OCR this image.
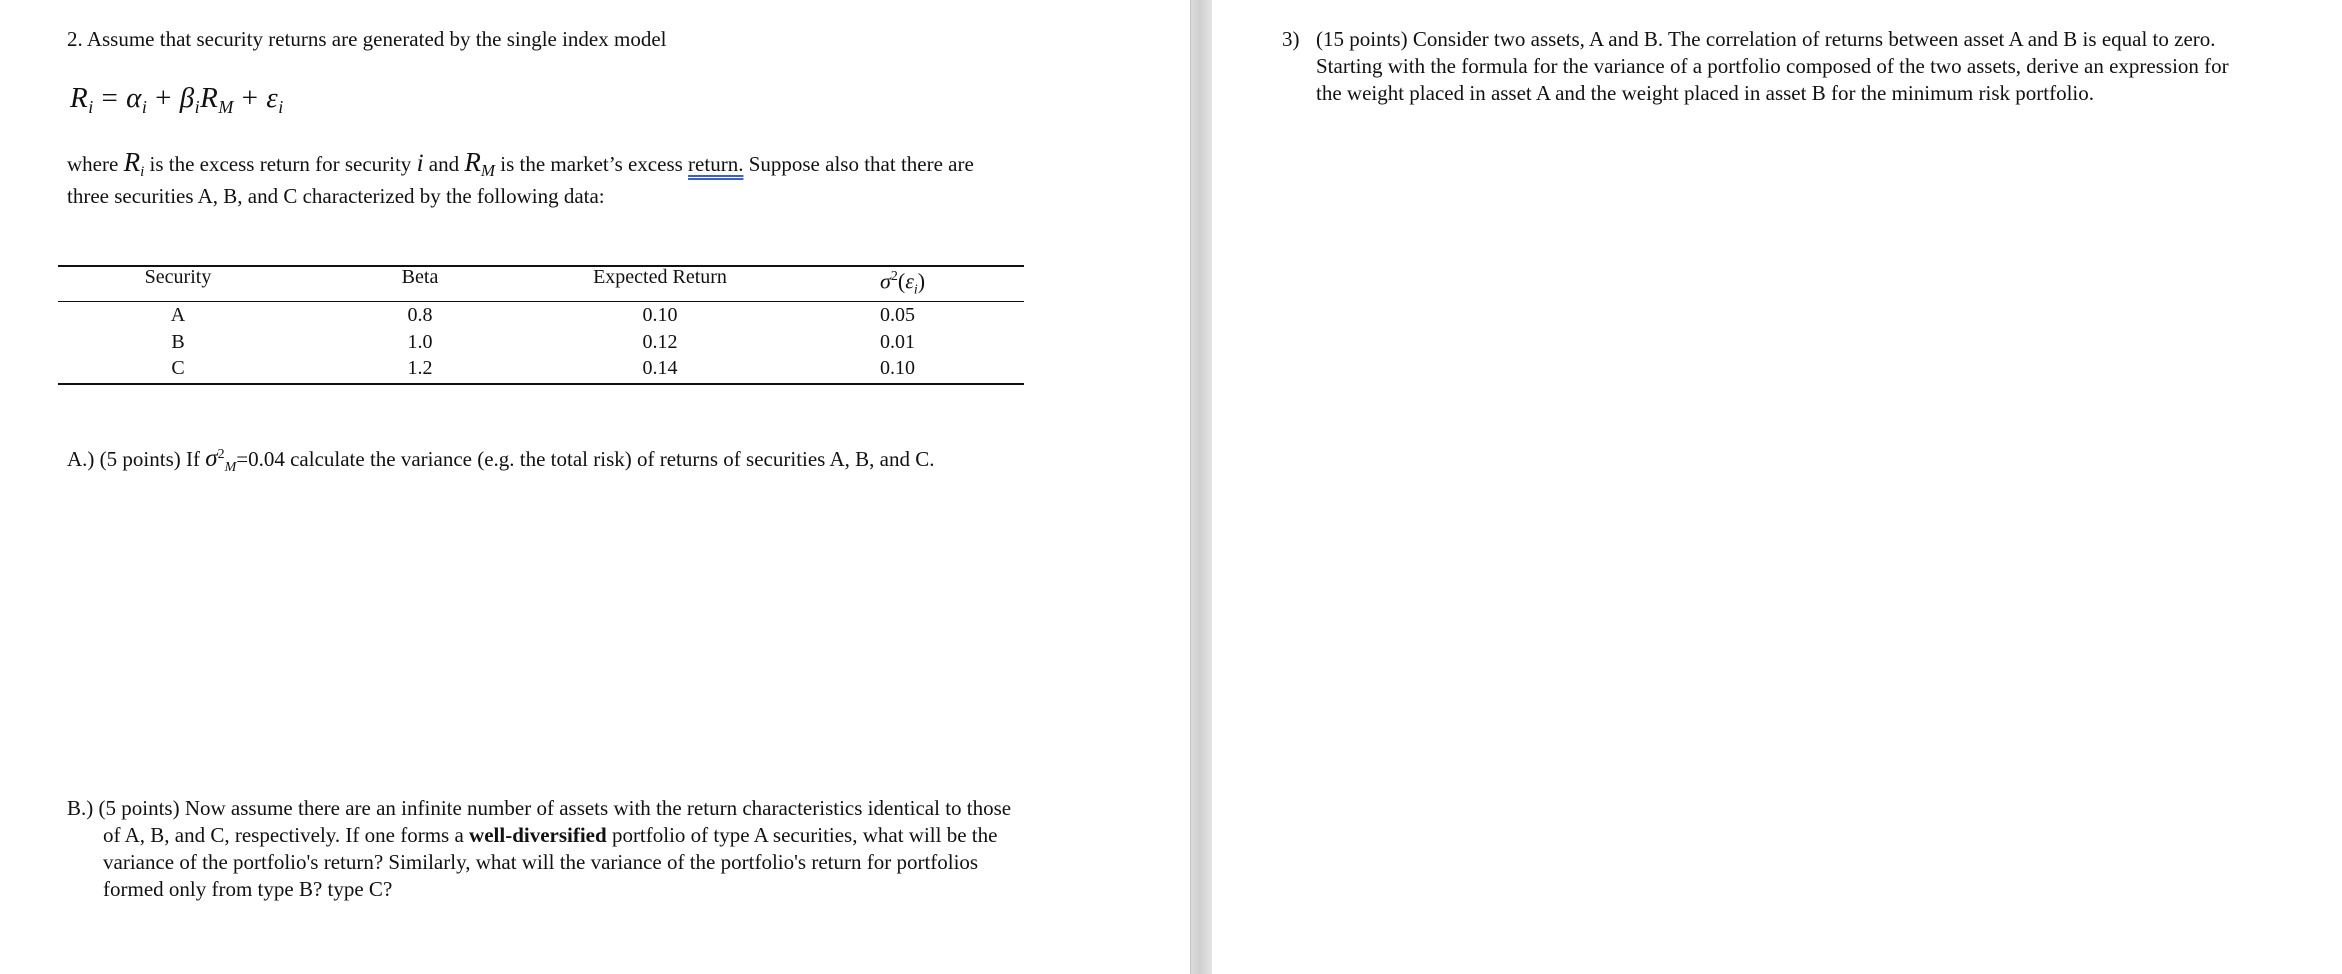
2. Assume that security returns are generated by the single index model
$R_i = \alpha_i + \beta_iR_M + \varepsilon_i$
where $R_i$ is the excess return for security i and $R_M$ is the market’s excess return. Suppose also that there are
three securities A, B, and C characterized by the following data:
Security	Beta	Expected Return	$\sigma^2(\varepsilon_i)$
A	0.8	0.10	0.05
B	1.0	0.12	0.01
C	1.2	0.14	0.10
A.) (5 points) If $\sigma^2_M=0.04$ calculate the variance (e.g. the total risk) of returns of securities A, B, and C.
B.) (5 points) Now assume there are an infinite number of assets with the return characteristics identical to those
of A, B, and C, respectively. If one forms a well-diversified portfolio of type A securities, what will be the
variance of the portfolio's return? Similarly, what will the variance of the portfolio's return for portfolios
formed only from type B? type C?
3) (15 points) Consider two assets, A and B. The correlation of returns between asset A and B is equal to zero.
Starting with the formula for the variance of a portfolio composed of the two assets, derive an expression for
the weight placed in asset A and the weight placed in asset B for the minimum risk portfolio.
